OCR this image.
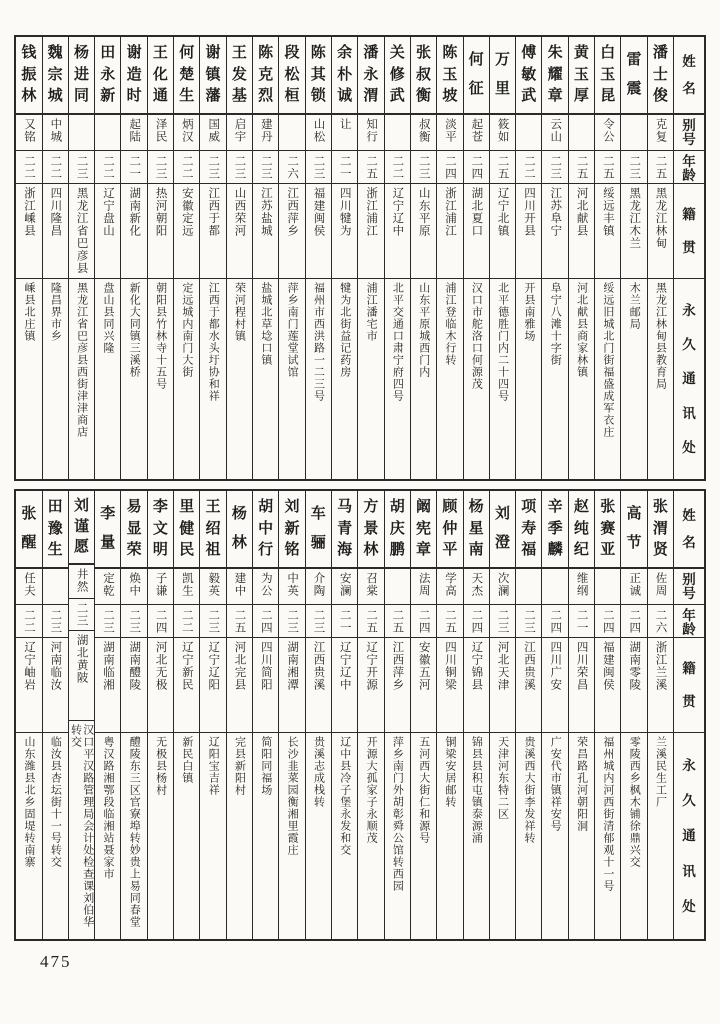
姓
名
别
号
年
龄
籍
贯
永
久
通
讯
处
潘
士
俊
克复
二五
黑龙江林甸
黑龙江林甸县教育局
雷
震
二三
黑龙江木兰
木兰邮局
白
玉
昆
令公
二五
绥远丰镇
绥远旧城北门街福盛成军衣庄
黄
玉
厚
二五
河北献县
河北献县商家林镇
朱
耀
章
云山
二三
江苏阜宁
阜宁八滩十字街
傅
敏
武
二二
四川开县
开县南雅场
万
里
筱如
二五
辽宁北镇
北平德胜门内二十四号
何
征
起苍
二四
湖北夏口
汉口市舵洛口何源茂
陈
玉
坡
淡平
二四
浙江浦江
浦江登临木行转
张
叔
衡
叔衡
二三
山东平原
山东平原城西门内
关
修
武
二二
辽宁辽中
北平交通口肃宁府四号
潘
永
渭
知行
二五
浙江浦江
浦江潘宅市
余
朴
诚
让
二一
四川犍为
犍为北街益记药房
陈
其
锁
山松
二三
福建闽侯
福州市西洪路一二三号
段
松
桓
二六
江西萍乡
萍乡南门莲堂试馆
陈
克
烈
建丹
二三
江苏盐城
盐城北草埝口镇
王
发
基
启宇
二三
山西荣河
荣河程村镇
谢
镇
藩
国威
二三
江西于都
江西于都水头圩协和祥
何
楚
生
炳汉
二二
安徽定远
定远城内南门大街
王
化
通
泽民
二三
热河朝阳
朝阳县竹林寺十五号
谢
造
时
起陆
二一
湖南新化
新化大同镇三溪桥
田
永
新
二二
辽宁盘山
盘山县同兴隆
杨
进
同
二三
黑龙江省巴彦县
黑龙江省巴彦县西街津津商店
魏
宗
城
中城
二二
四川隆昌
隆昌界市乡
钱
振
林
又铭
二二
浙江嵊县
嵊县北庄镇
姓
名
别
号
年
龄
籍
贯
永
久
通
讯
处
张
渭
贤
佐周
二六
浙江兰溪
兰溪民生工厂
高
节
正诚
二四
湖南零陵
零陵西乡枫木铺徐鼎兴交
张
赛
亚
二四
福建闽侯
福州城内河西街清郁观十一号
赵
纯
纪
维纲
二一
四川荣昌
荣昌路孔河朝阳洞
辛
季
麟
二四
四川广安
广安代市镇祥安号
项
寿
福
二三
江西贵溪
贵溪西大街李发祥转
刘
澄
次澜
二三
河北天津
天津河东特二区
杨
星
南
天杰
二四
辽宁锦县
锦县县积屯镇泰源涌
顾
仲
平
学高
二五
四川铜梁
铜梁安居邮转
阚
宪
章
法周
二四
安徽五河
五河西大街仁和源号
胡
庆
鹏
二五
江西萍乡
萍乡南门外胡彰舜公馆转西园
方
景
林
召棠
二五
辽宁开源
开源大孤家子永顺茂
马
青
海
安澜
二一
辽宁辽中
辽中县冷子堡永发和交
车
骊
介陶
二三
江西贵溪
贵溪志成栈转
刘
新
铭
中英
二三
湖南湘潭
长沙韭菜园衡湘里霞庄
胡
中
行
为公
二四
四川简阳
简阳同福场
杨
林
建中
二五
河北完县
完县新阳村
王
绍
祖
毅英
二三
辽宁辽阳
辽阳宝吉祥
里
健
民
凯生
二二
辽宁新民
新民白镇
李
文
明
子谦
二四
河北无极
无极县杨村
易
显
荣
焕中
二三
湖南醴陵
醴陵东三区官寮埠转妙贵上易同春堂
李
量
定乾
二三
湖南临湘
粤汉路湘鄂段临湘站聂家市
刘
谨
愿
井然
二三
湖北黄陂
汉口平汉路管理局会计处检查课刘伯华转交
田
豫
生
二三
河南临汝
临汝县杏坛街十一号转交
张
醒
任夫
二二
辽宁岫岩
山东潍县北乡固堤转南寨
475
